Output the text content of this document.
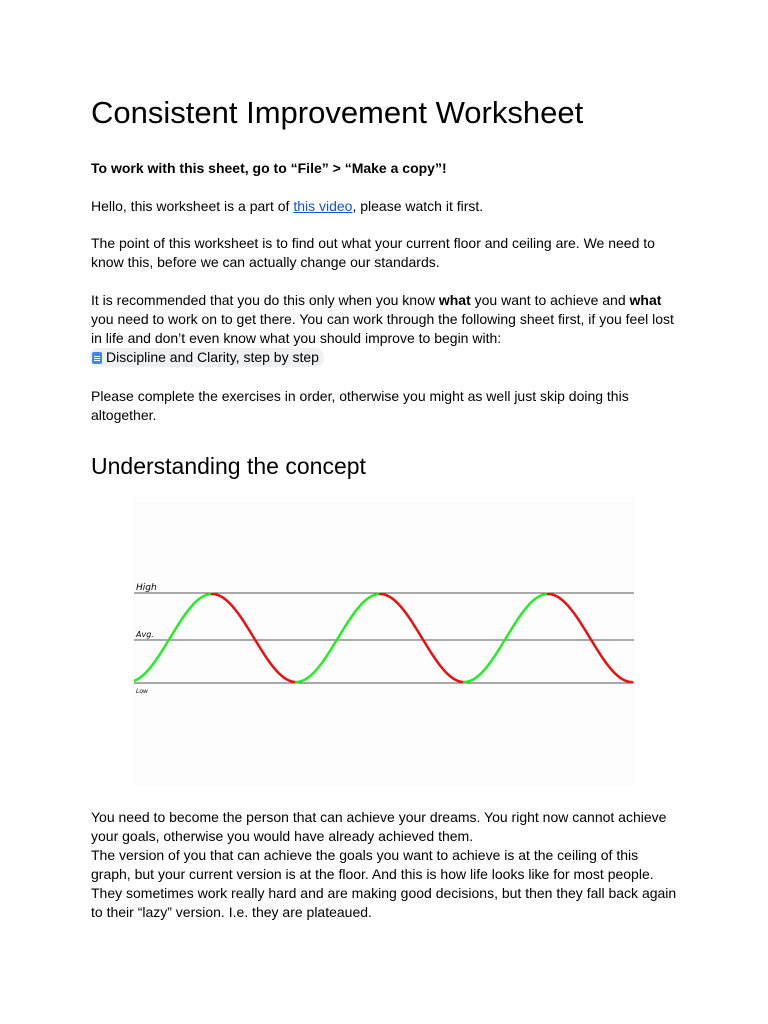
Consistent Improvement Worksheet

To work with this sheet, go to “File” > “Make a copy”!

Hello, this worksheet is a part of this video, please watch it first.

The point of this worksheet is to find out what your current floor and ceiling are. We need to know this, before we can actually change our standards.

It is recommended that you do this only when you know what you want to achieve and what you need to work on to get there. You can work through the following sheet first, if you feel lost in life and don’t even know what you should improve to begin with:

Discipline and Clarity, step by step

Please complete the exercises in order, otherwise you might as well just skip doing this altogether.

Understanding the concept

You need to become the person that can achieve your dreams. You right now cannot achieve your goals, otherwise you would have already achieved them.
The version of you that can achieve the goals you want to achieve is at the ceiling of this graph, but your current version is at the floor. And this is how life looks like for most people. They sometimes work really hard and are making good decisions, but then they fall back again to their “lazy” version. I.e. they are plateaued.

High
Avg.
Low
